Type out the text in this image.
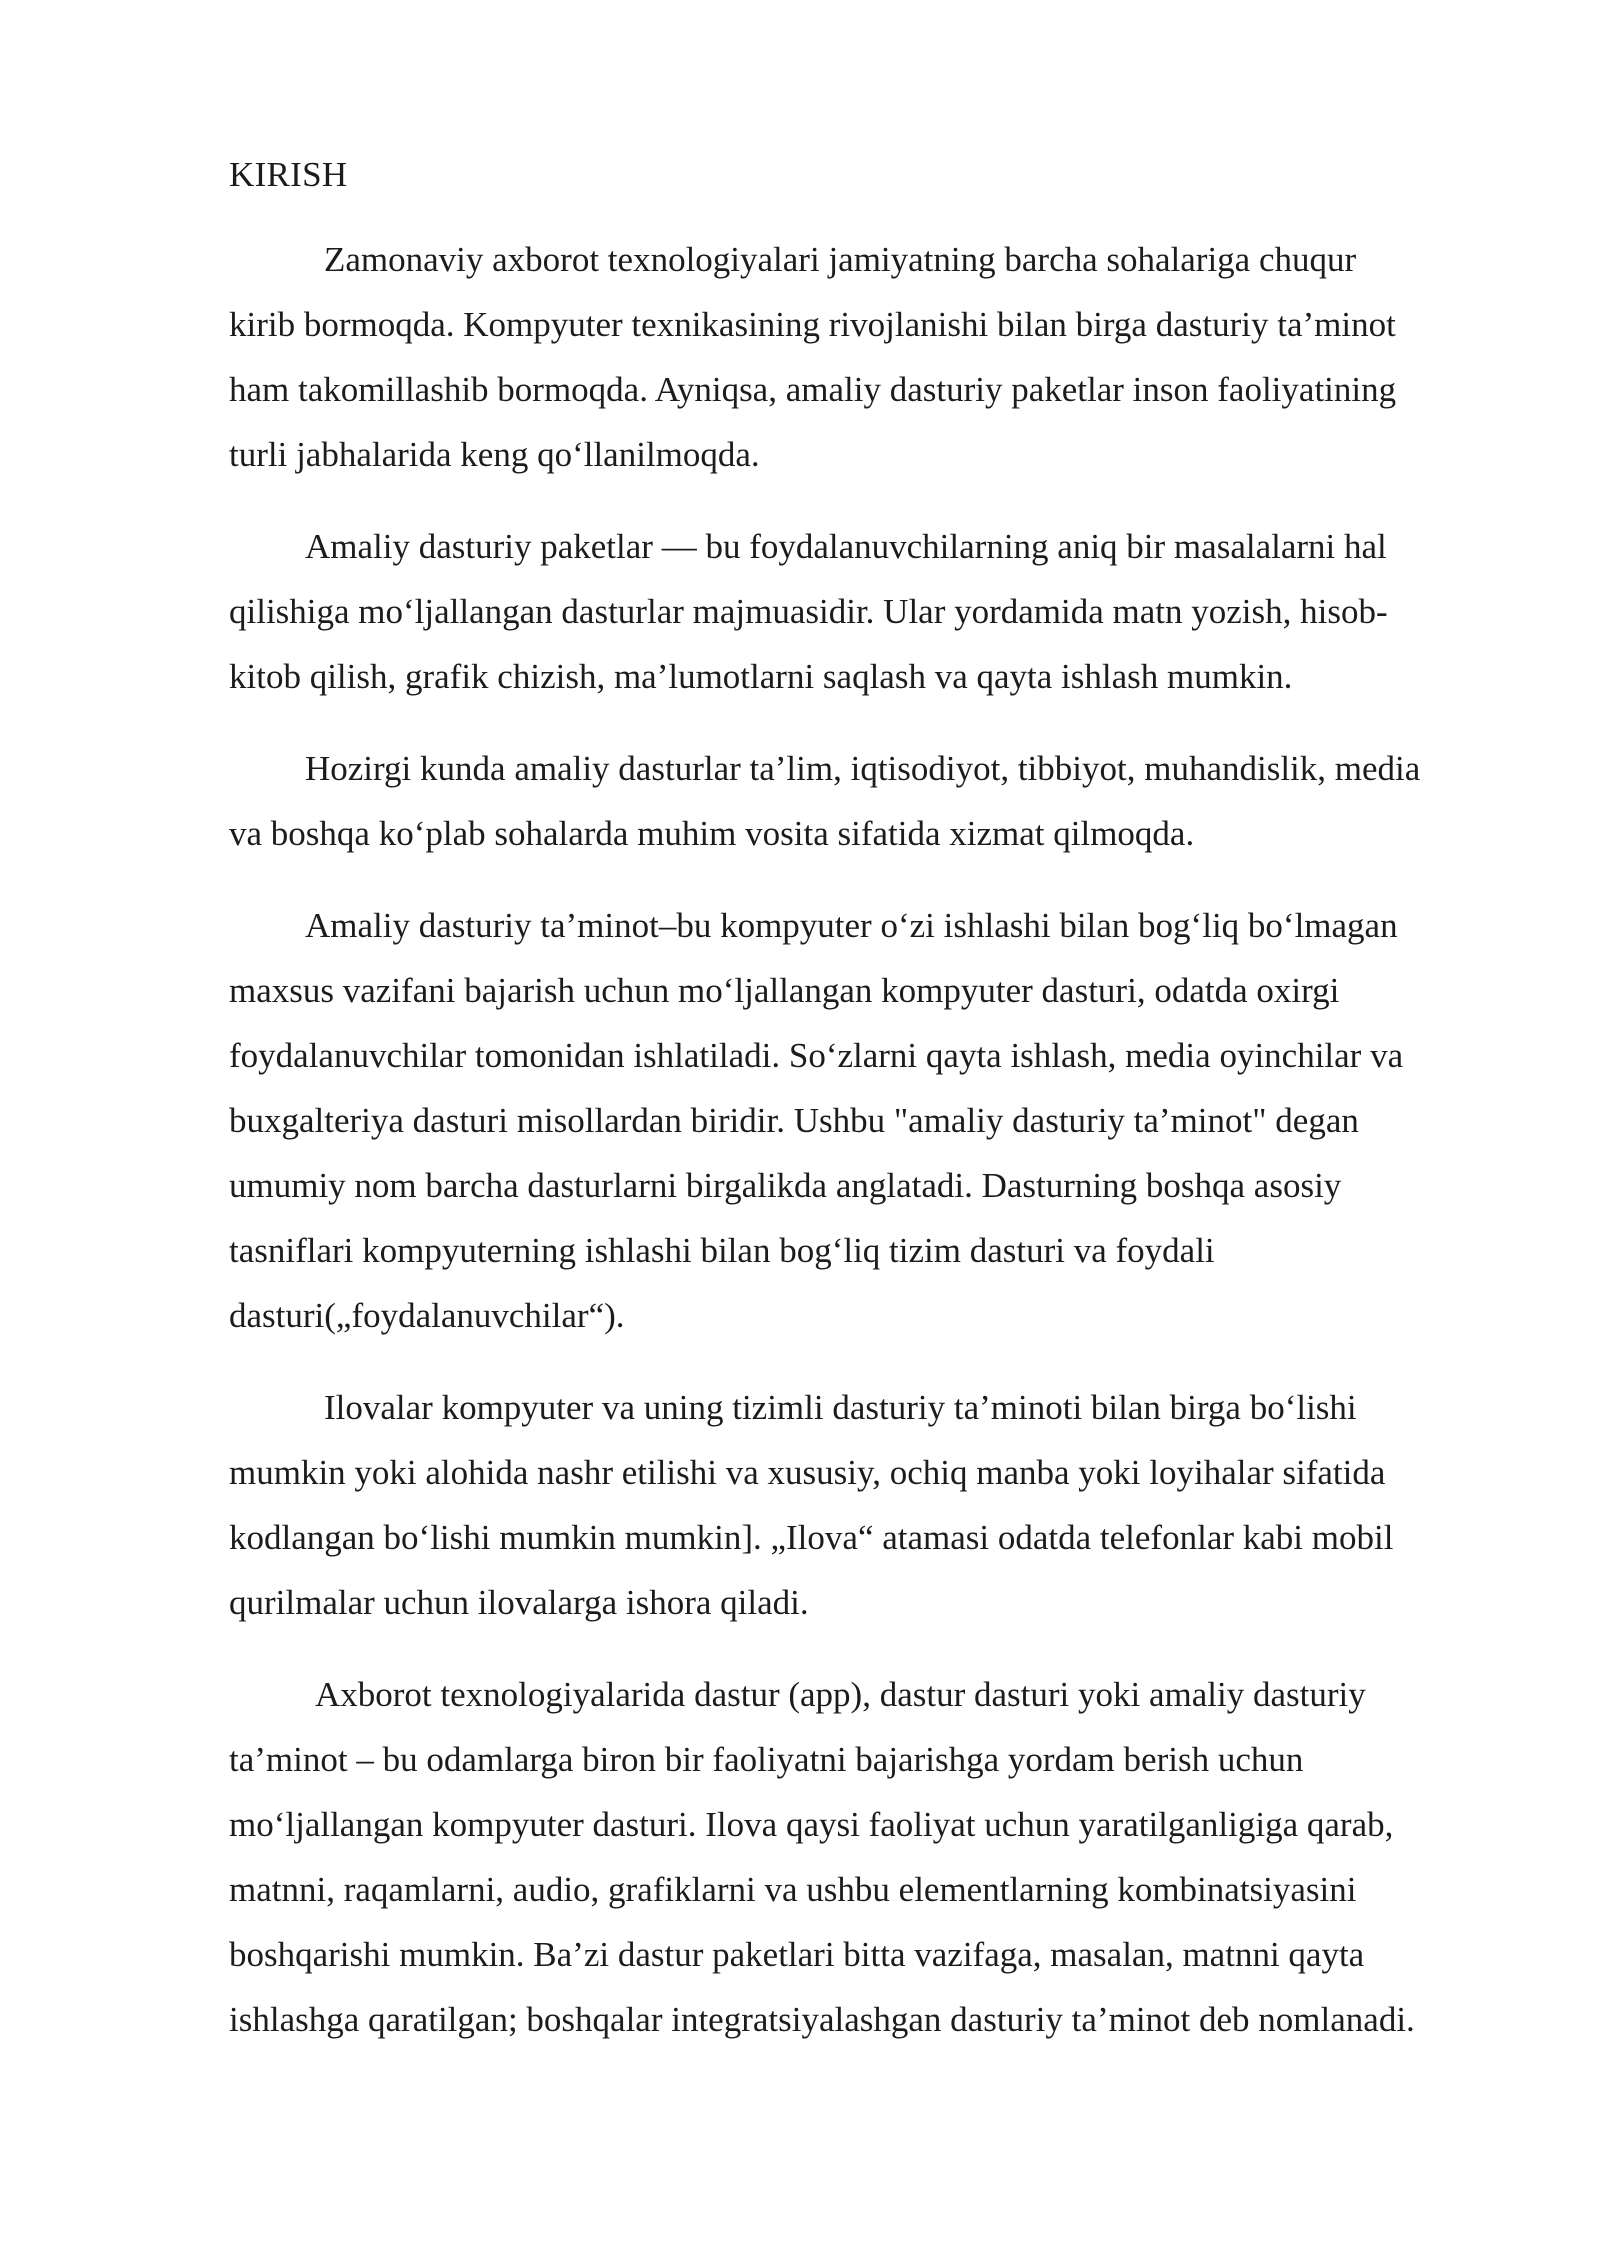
KIRISH
Zamonaviy axborot texnologiyalari jamiyatning barcha sohalariga chuqur
kirib bormoqda. Kompyuter texnikasining rivojlanishi bilan birga dasturiy ta’minot
ham takomillashib bormoqda. Ayniqsa, amaliy dasturiy paketlar inson faoliyatining
turli jabhalarida keng qo‘llanilmoqda.
Amaliy dasturiy paketlar — bu foydalanuvchilarning aniq bir masalalarni hal
qilishiga mo‘ljallangan dasturlar majmuasidir. Ular yordamida matn yozish, hisob-
kitob qilish, grafik chizish, ma’lumotlarni saqlash va qayta ishlash mumkin.
Hozirgi kunda amaliy dasturlar ta’lim, iqtisodiyot, tibbiyot, muhandislik, media
va boshqa ko‘plab sohalarda muhim vosita sifatida xizmat qilmoqda.
Amaliy dasturiy ta’minot–bu kompyuter o‘zi ishlashi bilan bog‘liq bo‘lmagan
maxsus vazifani bajarish uchun mo‘ljallangan kompyuter dasturi, odatda oxirgi
foydalanuvchilar tomonidan ishlatiladi. So‘zlarni qayta ishlash, media oyinchilar va
buxgalteriya dasturi misollardan biridir. Ushbu "amaliy dasturiy ta’minot" degan
umumiy nom barcha dasturlarni birgalikda anglatadi. Dasturning boshqa asosiy
tasniflari kompyuterning ishlashi bilan bog‘liq tizim dasturi va foydali
dasturi(„foydalanuvchilar“).
Ilovalar kompyuter va uning tizimli dasturiy ta’minoti bilan birga bo‘lishi
mumkin yoki alohida nashr etilishi va xususiy, ochiq manba yoki loyihalar sifatida
kodlangan bo‘lishi mumkin mumkin]. „Ilova“ atamasi odatda telefonlar kabi mobil
qurilmalar uchun ilovalarga ishora qiladi.
Axborot texnologiyalarida dastur (app), dastur dasturi yoki amaliy dasturiy
ta’minot – bu odamlarga biron bir faoliyatni bajarishga yordam berish uchun
mo‘ljallangan kompyuter dasturi. Ilova qaysi faoliyat uchun yaratilganligiga qarab,
matnni, raqamlarni, audio, grafiklarni va ushbu elementlarning kombinatsiyasini
boshqarishi mumkin. Ba’zi dastur paketlari bitta vazifaga, masalan, matnni qayta
ishlashga qaratilgan; boshqalar integratsiyalashgan dasturiy ta’minot deb nomlanadi.
